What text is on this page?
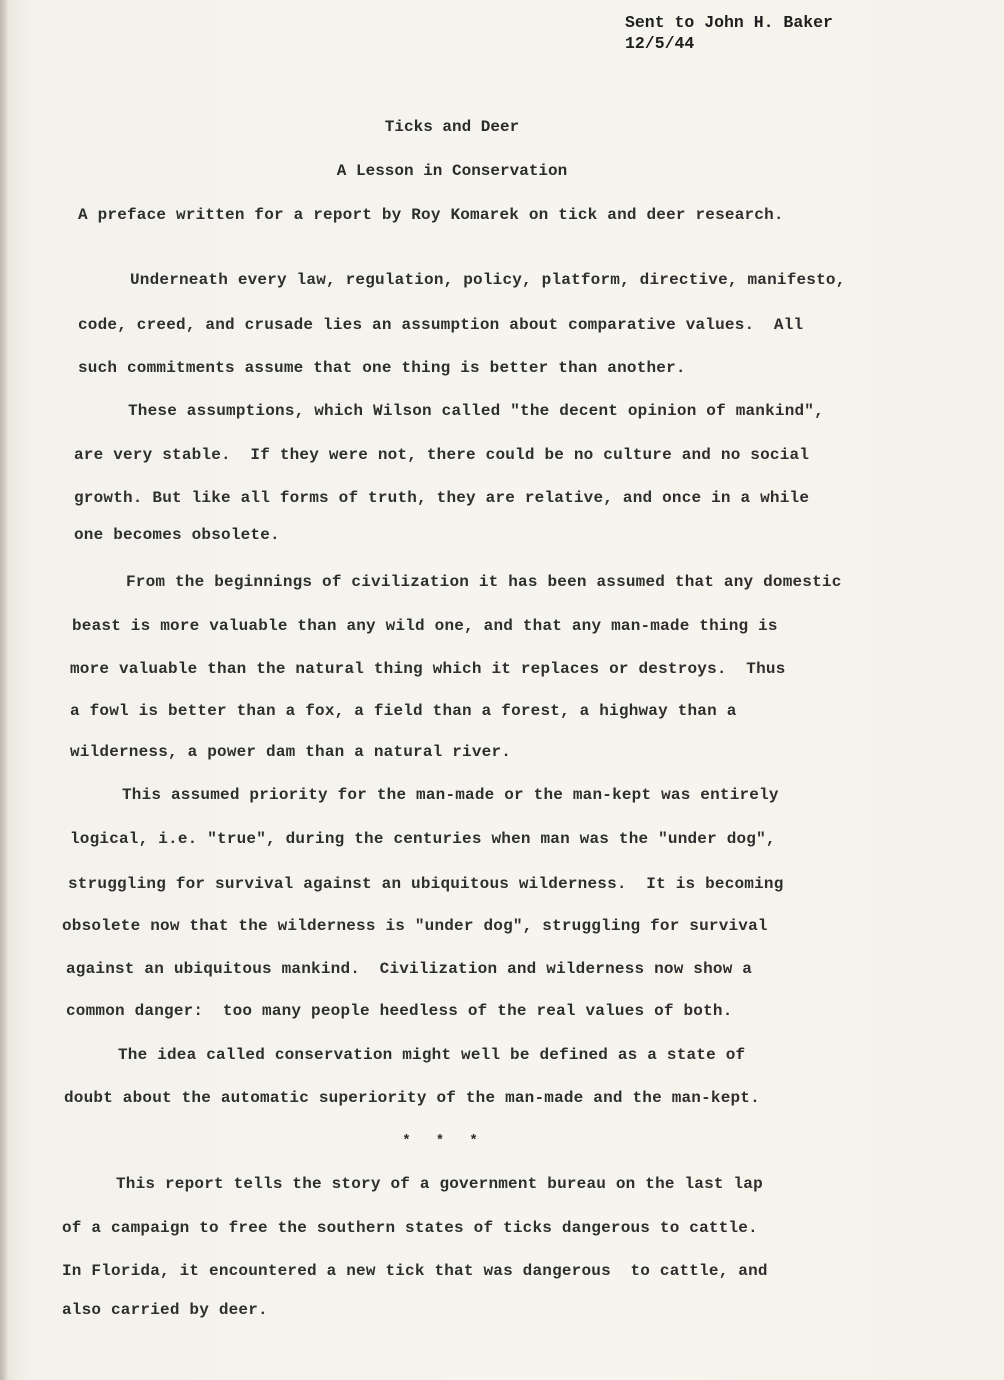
Sent to John H. Baker
12/5/44
Ticks and Deer
A Lesson in Conservation
A preface written for a report by Roy Komarek on tick and deer research.
Underneath every law, regulation, policy, platform, directive, manifesto,
code, creed, and crusade lies an assumption about comparative values.  All
such commitments assume that one thing is better than another.
These assumptions, which Wilson called "the decent opinion of mankind",
are very stable.  If they were not, there could be no culture and no social
growth. But like all forms of truth, they are relative, and once in a while
one becomes obsolete.
From the beginnings of civilization it has been assumed that any domestic
beast is more valuable than any wild one, and that any man-made thing is
more valuable than the natural thing which it replaces or destroys.  Thus
a fowl is better than a fox, a field than a forest, a highway than a
wilderness, a power dam than a natural river.
This assumed priority for the man-made or the man-kept was entirely
logical, i.e. "true", during the centuries when man was the "under dog",
struggling for survival against an ubiquitous wilderness.  It is becoming
obsolete now that the wilderness is "under dog", struggling for survival
against an ubiquitous mankind.  Civilization and wilderness now show a
common danger:  too many people heedless of the real values of both.
The idea called conservation might well be defined as a state of
doubt about the automatic superiority of the man-made and the man-kept.
*   *   *
This report tells the story of a government bureau on the last lap
of a campaign to free the southern states of ticks dangerous to cattle.
In Florida, it encountered a new tick that was dangerous  to cattle, and
also carried by deer.
